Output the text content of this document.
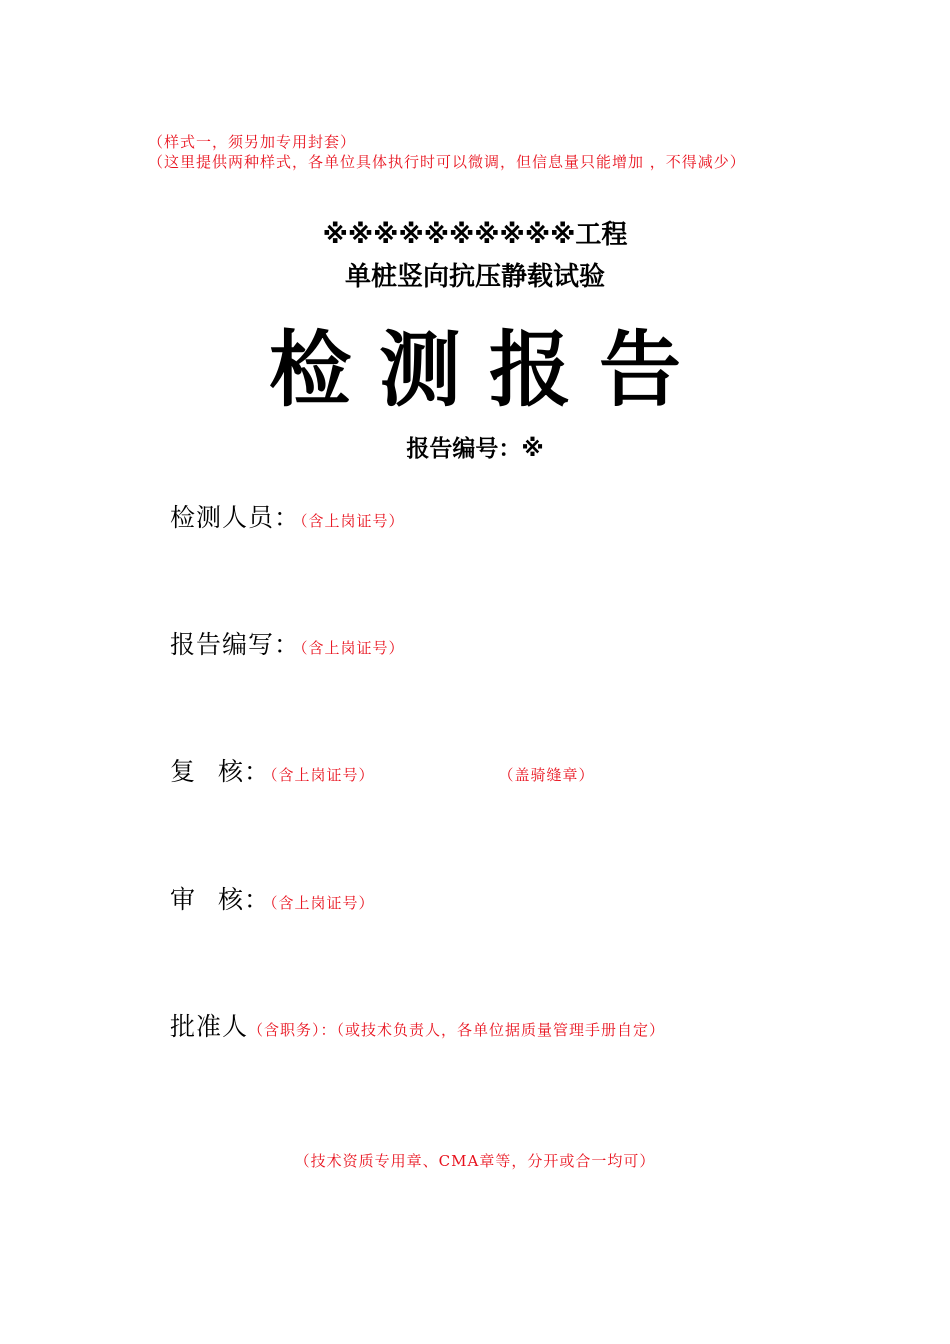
（样式一，须另加专用封套）
（这里提供两种样式，各单位具体执行时可以微调，但信息量只能增加 ，不得减少）
※※※※※※※※※※工程
单桩竖向抗压静载试验
检测报告
报告编号：※
检测人员：（含上岗证号）
报告编写：（含上岗证号）
复 核：（含上岗证号）	（盖骑缝章）
审 核：（含上岗证号）
批准人（含职务）：（或技术负责人，各单位据质量管理手册自定）
（技术资质专用章、CMA章等，分开或合一均可）
